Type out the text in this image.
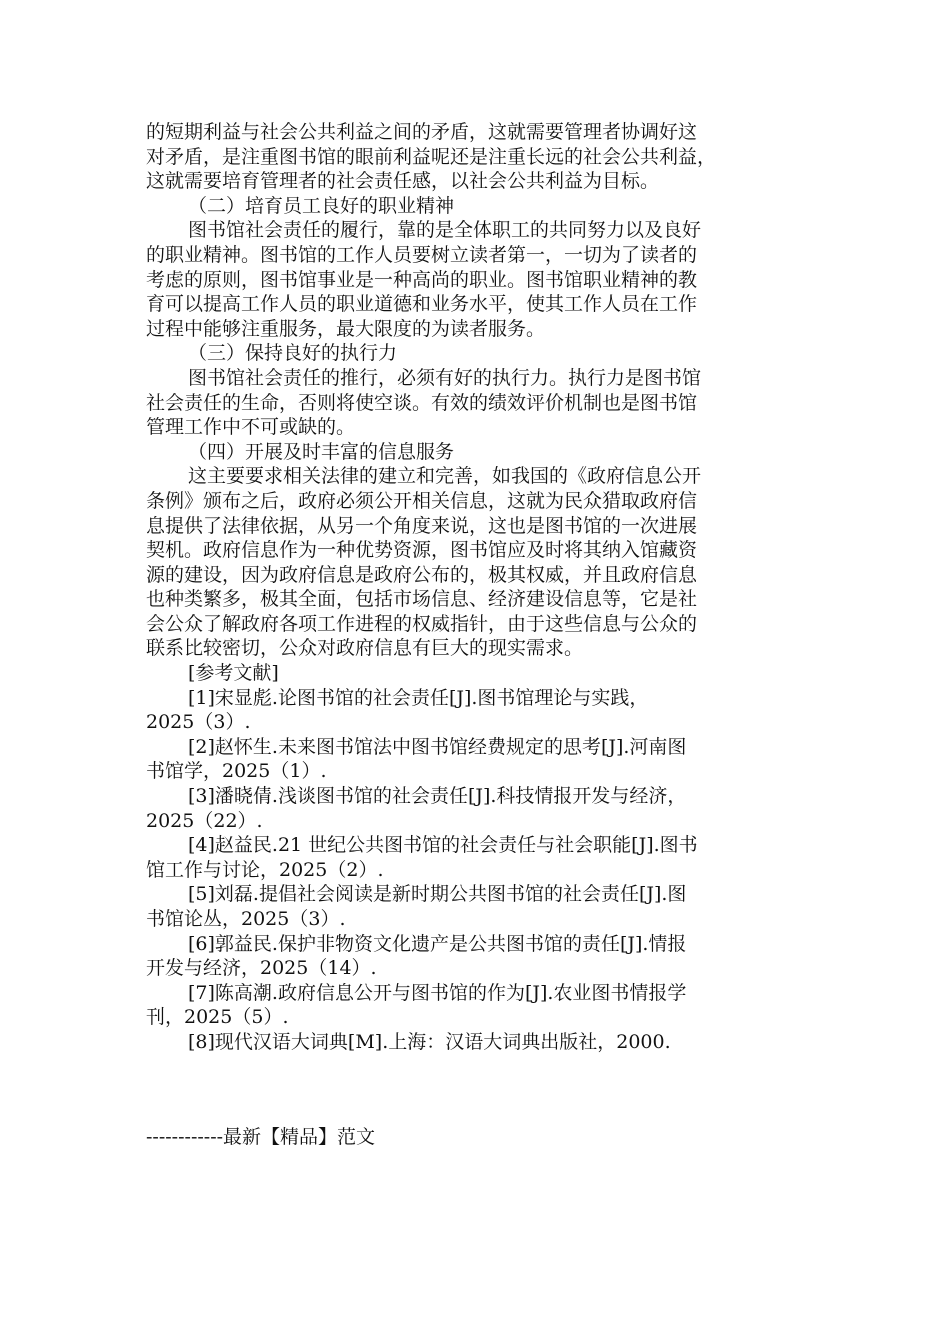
的短期利益与社会公共利益之间的矛盾，这就需要管理者协调好这
对矛盾，是注重图书馆的眼前利益呢还是注重长远的社会公共利益，
这就需要培育管理者的社会责任感，以社会公共利益为目标。
（二）培育员工良好的职业精神
图书馆社会责任的履行，靠的是全体职工的共同努力以及良好
的职业精神。图书馆的工作人员要树立读者第一，一切为了读者的
考虑的原则，图书馆事业是一种高尚的职业。图书馆职业精神的教
育可以提高工作人员的职业道德和业务水平，使其工作人员在工作
过程中能够注重服务，最大限度的为读者服务。
（三）保持良好的执行力
图书馆社会责任的推行，必须有好的执行力。执行力是图书馆
社会责任的生命，否则将使空谈。有效的绩效评价机制也是图书馆
管理工作中不可或缺的。
（四）开展及时丰富的信息服务
这主要要求相关法律的建立和完善，如我国的《政府信息公开
条例》颁布之后，政府必须公开相关信息，这就为民众猎取政府信
息提供了法律依据，从另一个角度来说，这也是图书馆的一次进展
契机。政府信息作为一种优势资源，图书馆应及时将其纳入馆藏资
源的建设，因为政府信息是政府公布的，极其权威，并且政府信息
也种类繁多，极其全面，包括市场信息、经济建设信息等，它是社
会公众了解政府各项工作进程的权威指针，由于这些信息与公众的
联系比较密切，公众对政府信息有巨大的现实需求。
[参考文献]
[1]宋显彪.论图书馆的社会责任[J].图书馆理论与实践，
2025（3）.
[2]赵怀生.未来图书馆法中图书馆经费规定的思考[J].河南图
书馆学，2025（1）.
[3]潘晓倩.浅谈图书馆的社会责任[J].科技情报开发与经济，
2025（22）.
[4]赵益民.21 世纪公共图书馆的社会责任与社会职能[J].图书
馆工作与讨论，2025（2）.
[5]刘磊.提倡社会阅读是新时期公共图书馆的社会责任[J].图
书馆论丛，2025（3）.
[6]郭益民.保护非物资文化遗产是公共图书馆的责任[J].情报
开发与经济，2025（14）.
[7]陈高潮.政府信息公开与图书馆的作为[J].农业图书情报学
刊，2025（5）.
[8]现代汉语大词典[M].上海：汉语大词典出版社，2000.
------------最新【精品】范文
